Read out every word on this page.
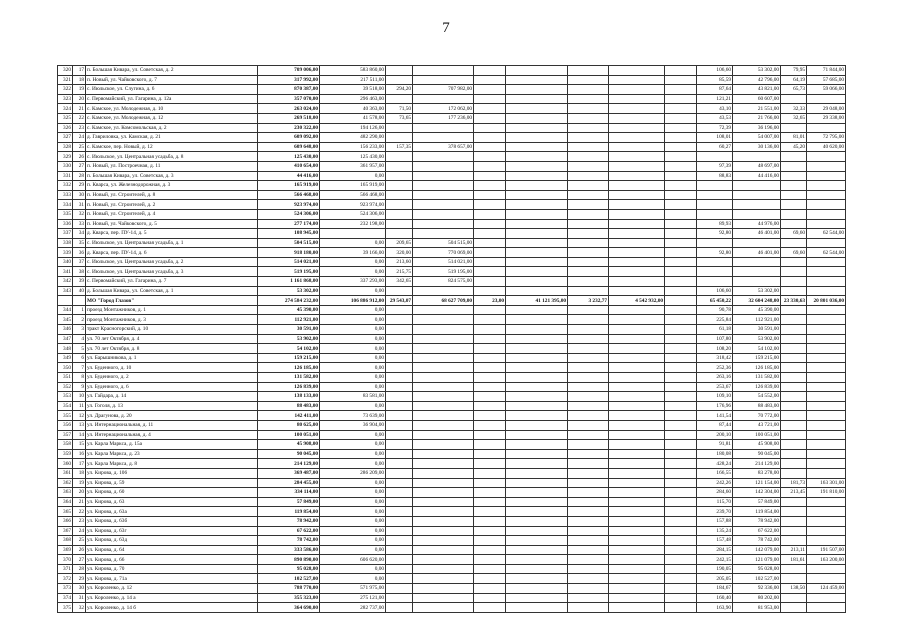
7
320	17	п. Большая Кивара, ул. Советская, д. 2	709 006,00	583 860,00								106,60	53 302,00	79,95	71 844,00
321	18	п. Новый, ул. Чайковского, д. 7	317 992,00	217 511,00								85,59	42 796,00	64,19	57 685,00
322	19	с. Июльское, ул. Слугина, д. 6	870 387,00	39 518,00	294,20	707 982,00						87,64	43 821,00	65,73	59 066,00
323	20	с. Первомайский, ул. Гагарина, д. 12а	357 070,00	296 463,00								121,21	60 607,00		
324	21	с. Камское, ул. Молодежная, д. 10	263 024,00	40 363,00	71,50	172 062,00						43,10	21 551,00	32,33	29 048,00
325	22	с. Камское, ул. Молодежная, д. 12	269 518,00	41 578,00	73,65	177 236,00						43,53	21 766,00	32,65	29 338,00
326	23	с. Камское, ул. Комсомольская, д. 2	230 322,00	194 126,00								72,39	36 196,00		
327	24	д. Гавриловка, ул. Камская, д. 21	609 092,00	482 290,00								108,01	54 007,00	81,01	72 795,00
328	25	с. Камское, пер. Новый, д. 12	609 648,00	156 233,00	157,35	378 657,00						60,27	30 136,00	45,20	40 620,00
329	26	с. Июльское, ул. Центральная усадьба, д. 8	125 430,00	125 430,00											
330	27	п. Новый, ул. Пострoечная, д. 11	410 654,00	361 957,00								97,39	48 697,00		
331	28	п. Большая Кивара, ул. Советская, д. 3	44 416,00	0,00								88,83	44 416,00		
332	29	п. Кварса, ул. Железнодорожная, д. 3	165 919,00	165 919,00											
333	30	п. Новый, ул. Строителей, д. 8	566 468,00	566 468,00											
334	31	п. Новый, ул. Строителей, д. 2	923 974,00	923 974,00											
335	32	п. Новый, ул. Строителей, д. 4	524 306,00	524 306,00											
336	33	п. Новый, ул. Чайковского, д. 5	277 174,00	232 198,00								89,93	44 976,00		
337	34	д. Кварса, пер. ПУ-14, д. 5	108 945,00									92,80	46 401,00	69,60	62 544,00
338	35	с. Июльское, ул. Центральная усадьба, д. 1	504 515,00	0,00	209,65	504 515,00									
339	36	д. Кварса, пер. ПУ-14, д. 6	918 180,00	39 166,00	320,00	770 069,00						92,80	46 401,00	69,60	62 544,00
340	37	с. Июльское, ул. Центральная усадьба, д. 2	514 021,00	0,00	213,60	514 021,00									
341	38	с. Июльское, ул. Центральная усадьба, д. 3	519 195,00	0,00	215,75	519 195,00									
342	39	с. Первомайский, ул. Гагарина, д. 7	1 161 868,00	337 293,00	342,65	824 575,00									
343	40	д. Большая Кивара, ул. Советская, д. 1	53 302,00	0,00								106,60	53 302,00		
		МО "Город Глазов"	274 584 232,00	106 886 912,00	29 543,07	68 627 709,00	23,00	41 121 395,00	3 232,77	4 542 932,00		65 450,22	32 604 248,00	23 330,63	20 801 036,00
344	1	проезд Монтажников, д. 1	45 390,00	0,00								90,78	45 390,00		
345	2	проезд Монтажников, д. 3	112 921,00	0,00								225,84	112 921,00		
346	3	тракт Красногорский, д. 10	30 591,00	0,00								61,18	30 591,00		
347	4	ул. 70 лет Октября, д. 4	53 902,00	0,00								107,80	53 902,00		
348	5	ул. 70 лет Октября, д. 8	54 102,00	0,00								108,20	54 102,00		
349	6	ул. Барышникова, д. 1	159 215,00	0,00								318,42	159 215,00		
350	7	ул. Буденного, д. 10	126 185,00	0,00								252,36	126 185,00		
351	8	ул. Буденного, д. 2	131 582,00	0,00								263,16	131 582,00		
352	9	ул. Буденного, д. 6	126 839,00	0,00								253,67	126 839,00		
353	10	ул. Гайдара, д. 14	138 133,00	83 581,00								109,10	54 552,00		
354	11	ул. Гоголя, д. 13	88 483,00	0,00								176,96	88 483,00		
355	12	ул. Драгунова, д. 20	142 411,00	73 639,00								141,54	70 772,00		
356	13	ул. Интернациональная, д. 11	80 625,00	36 904,00								87,44	43 721,00		
357	14	ул. Интернациональная, д. 4	100 051,00	0,00								200,10	100 051,00		
358	15	ул. Карла Маркса, д. 15а	45 908,00	0,00								91,81	45 908,00		
359	16	ул. Карла Маркса, д. 23	90 045,00	0,00								180,08	90 045,00		
360	17	ул. Карла Маркса, д. 8	214 129,00	0,00								428,24	214 129,00		
361	18	ул. Кирова, д. 106	369 487,00	286 209,00								166,55	83 278,00		
362	19	ул. Кирова, д. 59	284 455,00	0,00								242,26	121 154,00	181,73	163 301,00
363	20	ул. Кирова, д. 60	334 114,00	0,00								284,60	142 304,00	213,45	191 810,00
364	21	ул. Кирова, д. 63	57 849,00	0,00								115,70	57 849,00		
365	22	ул. Кирова, д. 63а	119 854,00	0,00								239,70	119 854,00		
366	23	ул. Кирова, д. 63б	78 942,00	0,00								157,88	78 942,00		
367	24	ул. Кирова, д. 63г	67 622,00	0,00								135,24	67 622,00		
368	25	ул. Кирова, д. 63д	78 742,00	0,00								157,48	78 742,00		
369	26	ул. Кирова, д. 64	333 586,00	0,00								284,15	142 079,00	213,11	191 507,00
370	27	ул. Кирова, д. 66	890 890,00	606 620,00								242,15	121 079,00	181,61	163 200,00
371	28	ул. Кирова, д. 70	95 028,00	0,00								190,05	95 028,00		
372	29	ул. Кирова, д. 71а	102 527,00	0,00								205,05	102 527,00		
373	30	ул. Короленко, д. 12	788 770,00	571 975,00								184,67	92 336,00	138,50	124 459,00
374	31	ул. Короленко, д. 14 а	355 323,00	275 121,00								160,40	80 202,00		
375	32	ул. Короленко, д. 14 б	364 690,00	282 737,00								163,90	81 953,00		
